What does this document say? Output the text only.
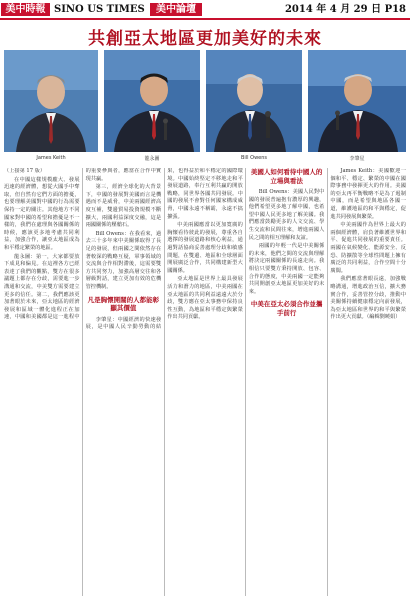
美中時報 SINO US TIMES	美中論壇	2014 年 4 月 29 日 P18
共創亞太地區更加美好的未來
James Keith	龍永圖	Bill Owens	李肇星

（上接第 17 版）

在中國這樣規模龐大、發展迅速的經濟體，想從大國手中奪取，但自然有它們方面的擔憂，也要理解美國對中國的行為需要保持一定的關注。其他地方不同國家對中國的希望和擔憂是不一樣的，我們在處理與各國關係的時候，應該更多地考慮共同利益，加強合作，讓亞太地區成為和平穩定繁榮的地區。

龍永圖：第一，大家都要放下成見和偏見。在這裡各方已經表達了我們的觀點，雙方在很多議題上都存在分歧，需要進一步溝通和交流，中美雙方需要建立更多的信任。第二，我們應該更加著眼於未來，亞太地區的經濟發展和區域一體化進程正在加速，中國和美國都是這一進程中的重要參與者，應當在合作中實現共贏。

第三，經濟全球化的大背景下，中國的發展對美國而言是機遇而不是威脅，中美兩國經濟高度互補，雙邊貿易投資規模不斷擴大，兩國利益深度交融，這是兩國關係的壓艙石。

Bill Owens：在我看來，過去三十多年來中美關係取得了長足的發展，但兩國之間依然存在著較深的戰略互疑，軍事領域的交流與合作相對滯後，這需要雙方共同努力，加強高層交往和各層級對話，建立更加有效的危機管控機制。

凡是胸懷開闊的人都能彰顯其價值

李肇星：中國經濟的快速發展，是中國人民辛勤勞動的結果，也得益於和平穩定的國際環境。中國始終堅定不移地走和平發展道路，奉行互利共贏的開放戰略，同世界各國共同發展。中國的發展不會對任何國家構成威脅，中國永遠不稱霸，永遠不搞擴張。

中美兩國應當以更加寬廣的胸懷看待彼此的發展，尊重各自選擇的發展道路和核心利益，通過對話協商妥善處理分歧和敏感問題，在雙邊、地區和全球層面開展廣泛合作，共同構建新型大國關係。

亞太地區是世界上最具發展活力和潛力的地區，中美兩國在亞太地區的共同利益遠遠大於分歧，雙方應在亞太事務中保持良性互動，為地區和平穩定與繁榮作出共同貢獻。

美國人如何看待中國人的立場與看法

Bill Owens：美國人民對中國的發展普遍抱有濃厚的興趣，他們希望更多地了解中國，也希望中國人民更多地了解美國。我們應當鼓勵更多的人文交流、學生交流和民間往來，增進兩國人民之間的相互理解和友誼。

兩國的年輕一代是中美關係的未來，他們之間的交流與理解將決定兩國關係的長遠走向。我相信只要雙方秉持開放、包容、合作的態度，中美兩國一定能夠共同開創亞太地區更加美好的未來。

中美在亞太必須合作並攜手前行

James Keith：美國歡迎一個和平、穩定、繁榮的中國在國際事務中發揮更大的作用。美國的亞太再平衡戰略不是為了遏制中國，而是希望與地區各國一道，維護地區的和平與穩定，促進共同發展與繁榮。

中美兩國作為世界上最大的兩個經濟體，肩負著維護世界和平、促進共同發展的重要責任。兩國在氣候變化、能源安全、反恐、防擴散等全球性問題上擁有廣泛的共同利益，合作空間十分廣闊。

我們應當著眼長遠，加強戰略溝通，增進政治互信，擴大務實合作，妥善管控分歧，推動中美關係持續健康穩定向前發展，為亞太地區和世界的和平與繁榮作出更大貢獻。（編輯劉曉娟）
